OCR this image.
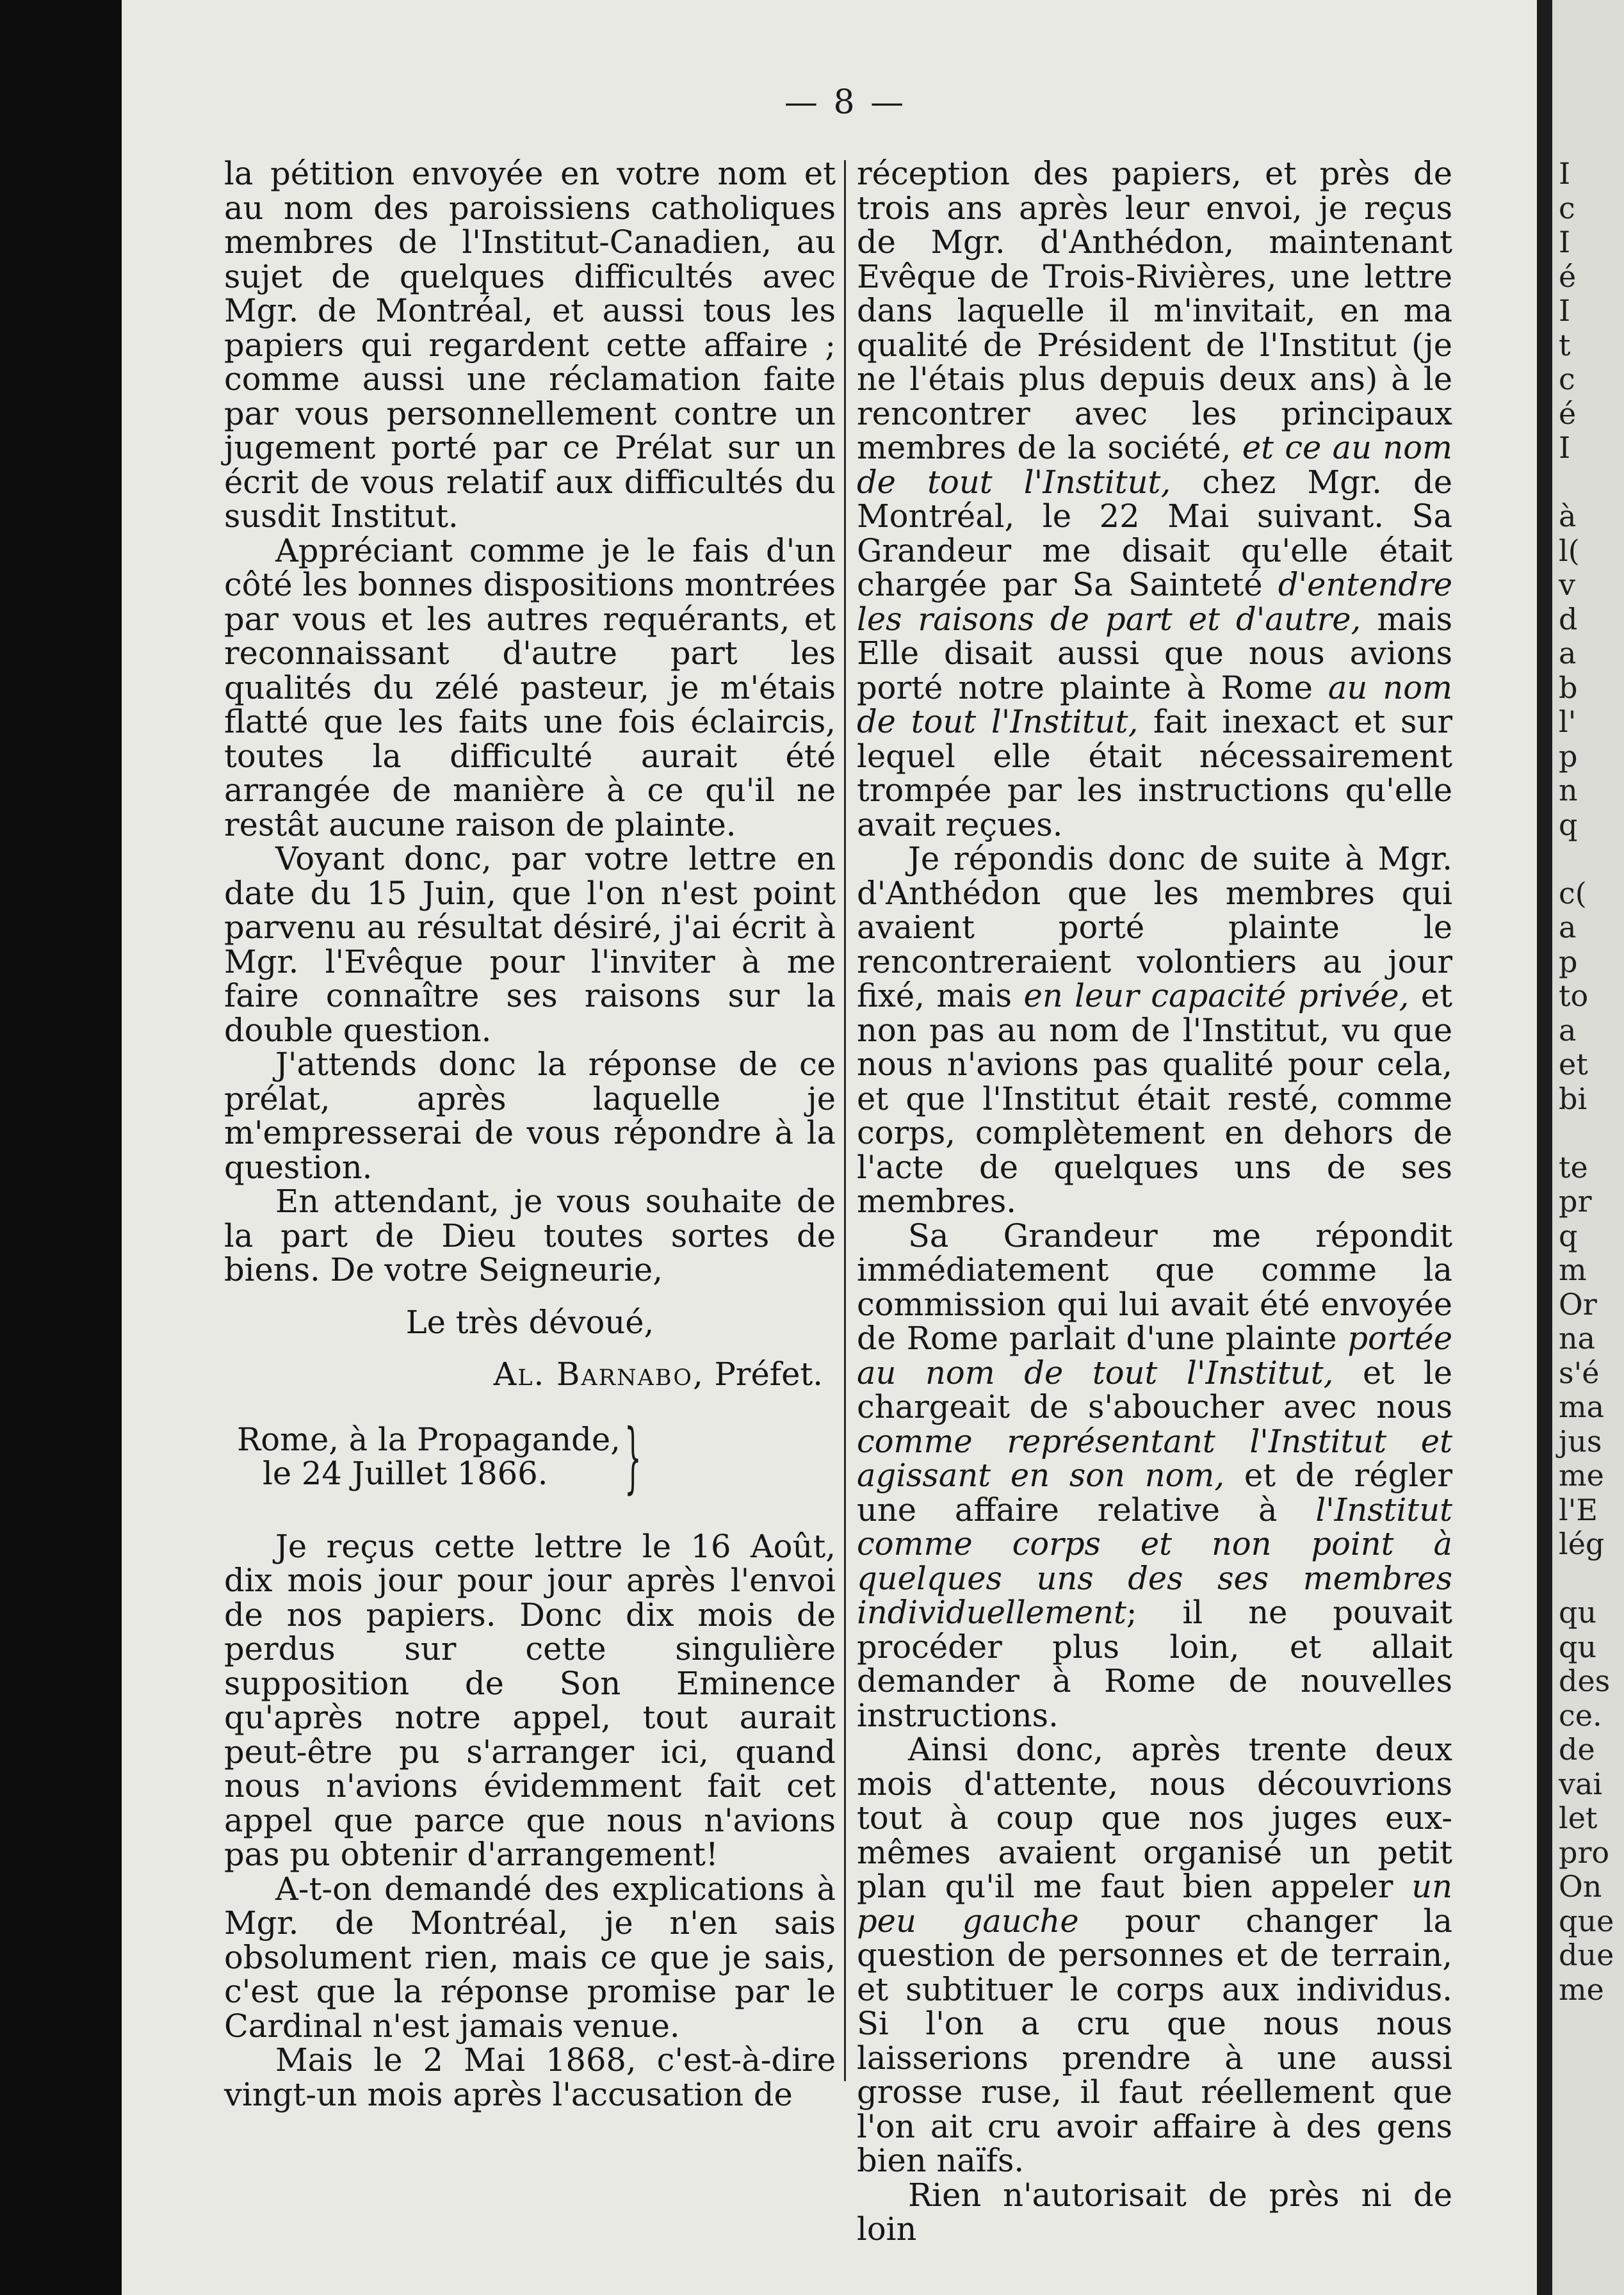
— 8 —

la pétition envoyée en votre nom et au nom des paroissiens catholiques membres de l'Institut-Canadien, au sujet de quelques difficultés avec Mgr. de Montréal, et aussi tous les papiers qui regardent cette affaire ; comme aussi une réclamation faite par vous personnellement contre un jugement porté par ce Prélat sur un écrit de vous relatif aux difficultés du susdit Institut.

Appréciant comme je le fais d'un côté les bonnes dispositions montrées par vous et les autres requérants, et reconnaissant d'autre part les qualités du zélé pasteur, je m'étais flatté que les faits une fois éclaircis, toutes la difficulté aurait été arrangée de manière à ce qu'il ne restât aucune raison de plainte.

Voyant donc, par votre lettre en date du 15 Juin, que l'on n'est point parvenu au résultat désiré, j'ai écrit à Mgr. l'Evêque pour l'inviter à me faire connaître ses raisons sur la double question.

J'attends donc la réponse de ce prélat, après laquelle je m'empresserai de vous répondre à la question.

En attendant, je vous souhaite de la part de Dieu toutes sortes de biens. De votre Seigneurie,

Le très dévoué,

Al. Barnabo, Préfet.

Rome, à la Propagande,

le 24 Juillet 1866. }

Je reçus cette lettre le 16 Août, dix mois jour pour jour après l'envoi de nos papiers. Donc dix mois de perdus sur cette singulière supposition de Son Eminence qu'après notre appel, tout aurait peut-être pu s'arranger ici, quand nous n'avions évidemment fait cet appel que parce que nous n'avions pas pu obtenir d'arrangement!

A-t-on demandé des explications à Mgr. de Montréal, je n'en sais obsolument rien, mais ce que je sais, c'est que la réponse promise par le Cardinal n'est jamais venue.

Mais le 2 Mai 1868, c'est-à-dire vingt-un mois après l'accusation de

réception des papiers, et près de trois ans après leur envoi, je reçus de Mgr. d'Anthédon, maintenant Evêque de Trois-Rivières, une lettre dans laquelle il m'invitait, en ma qualité de Président de l'Institut (je ne l'étais plus depuis deux ans) à le rencontrer avec les principaux membres de la société, et ce au nom de tout l'Institut, chez Mgr. de Montréal, le 22 Mai suivant. Sa Grandeur me disait qu'elle était chargée par Sa Sainteté d'entendre les raisons de part et d'autre, mais Elle disait aussi que nous avions porté notre plainte à Rome au nom de tout l'Institut, fait inexact et sur lequel elle était nécessairement trompée par les instructions qu'elle avait reçues.

Je répondis donc de suite à Mgr. d'Anthédon que les membres qui avaient porté plainte le rencontreraient volontiers au jour fixé, mais en leur capacité privée, et non pas au nom de l'Institut, vu que nous n'avions pas qualité pour cela, et que l'Institut était resté, comme corps, complètement en dehors de l'acte de quelques uns de ses membres.

Sa Grandeur me répondit immédiatement que comme la commission qui lui avait été envoyée de Rome parlait d'une plainte portée au nom de tout l'Institut, et le chargeait de s'aboucher avec nous comme représentant l'Institut et agissant en son nom, et de régler une affaire relative à l'Institut comme corps et non point à quelques uns des ses membres individuellement; il ne pouvait procéder plus loin, et allait demander à Rome de nouvelles instructions.

Ainsi donc, après trente deux mois d'attente, nous découvrions tout à coup que nos juges eux-mêmes avaient organisé un petit plan qu'il me faut bien appeler un peu gauche pour changer la question de personnes et de terrain, et subtituer le corps aux individus. Si l'on a cru que nous nous laisserions prendre à une aussi grosse ruse, il faut réellement que l'on ait cru avoir affaire à des gens bien naïfs.

Rien n'autorisait de près ni de loin

I
c
I
é
I
t
c
é
I

à
l(
v
d
a
b
l'
p
n
q

c(
a
p
to
a
et
bi

te
pr
q
m
Or
na
s'é
ma
jus
me
l'E
lég

qu
qu
des
ce.
de
vai
let
pro
On
que
due
me
